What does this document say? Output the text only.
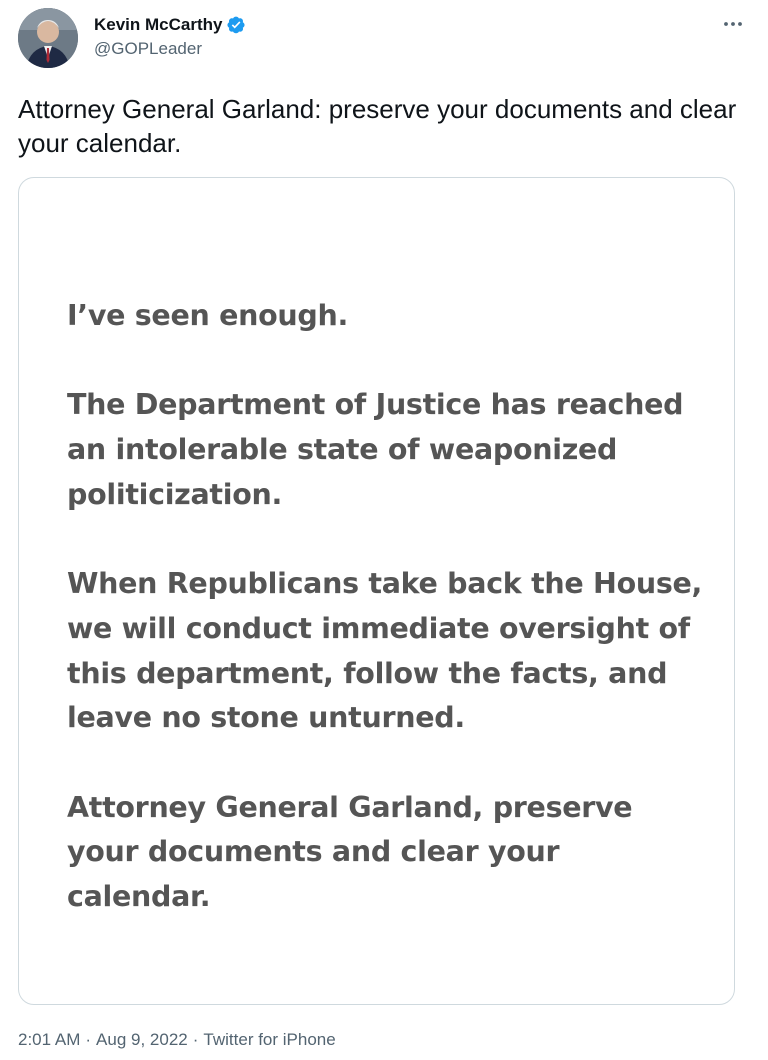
Kevin McCarthy
@GOPLeader
Attorney General Garland: preserve your documents and clear your calendar.

I’ve seen enough.

The Department of Justice has reached an intolerable state of weaponized politicization.

When Republicans take back the House, we will conduct immediate oversight of this department, follow the facts, and leave no stone unturned.

Attorney General Garland, preserve your documents and clear your calendar.

2:01 AM · Aug 9, 2022 · Twitter for iPhone
